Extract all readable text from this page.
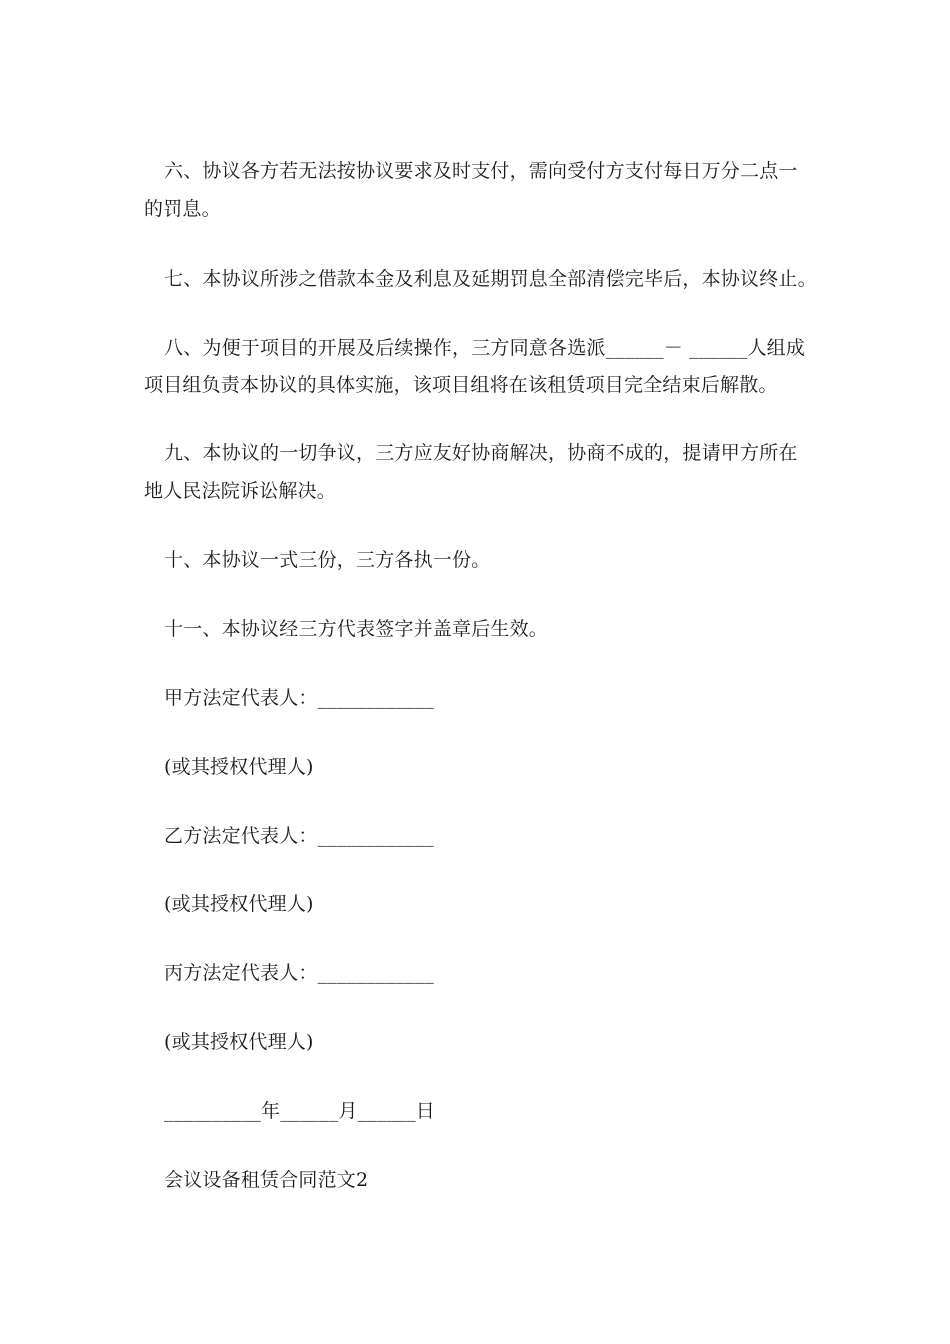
六、协议各方若无法按协议要求及时支付，需向受付方支付每日万分二点一
的罚息。
七、本协议所涉之借款本金及利息及延期罚息全部清偿完毕后，本协议终止。
八、为便于项目的开展及后续操作，三方同意各选派______－ ______人组成
项目组负责本协议的具体实施，该项目组将在该租赁项目完全结束后解散。
九、本协议的一切争议，三方应友好协商解决，协商不成的，提请甲方所在
地人民法院诉讼解决。
十、本协议一式三份，三方各执一份。
十一、本协议经三方代表签字并盖章后生效。
甲方法定代表人：____________
(或其授权代理人)
乙方法定代表人：____________
(或其授权代理人)
丙方法定代表人：____________
(或其授权代理人)
__________年______月______日
会议设备租赁合同范文2
